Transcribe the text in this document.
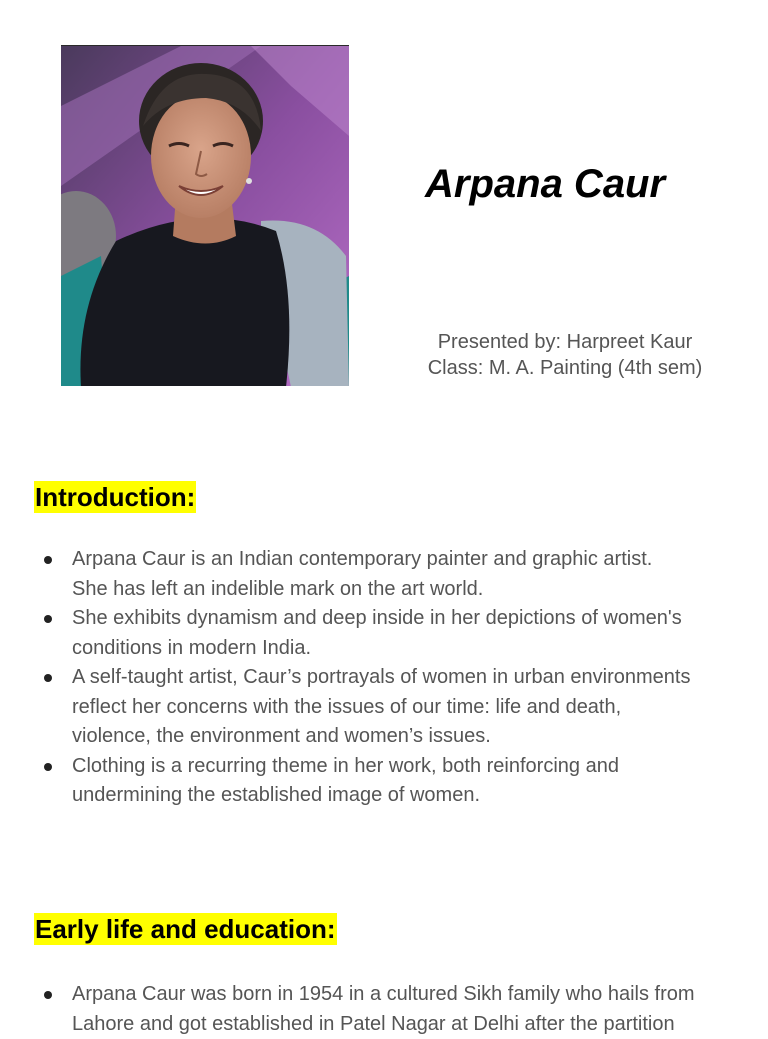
Arpana Caur
Presented by: Harpreet Kaur
Class: M. A. Painting (4th sem)
Introduction:
Arpana Caur is an Indian contemporary painter and graphic artist.
She has left an indelible mark on the art world.
She exhibits dynamism and deep inside in her depictions of women's
conditions in modern India.
A self-taught artist, Caur’s portrayals of women in urban environments
reflect her concerns with the issues of our time: life and death,
violence, the environment and women’s issues.
Clothing is a recurring theme in her work, both reinforcing and
undermining the established image of women.
Early life and education:
Arpana Caur was born in 1954 in a cultured Sikh family who hails from
Lahore and got established in Patel Nagar at Delhi after the partition
